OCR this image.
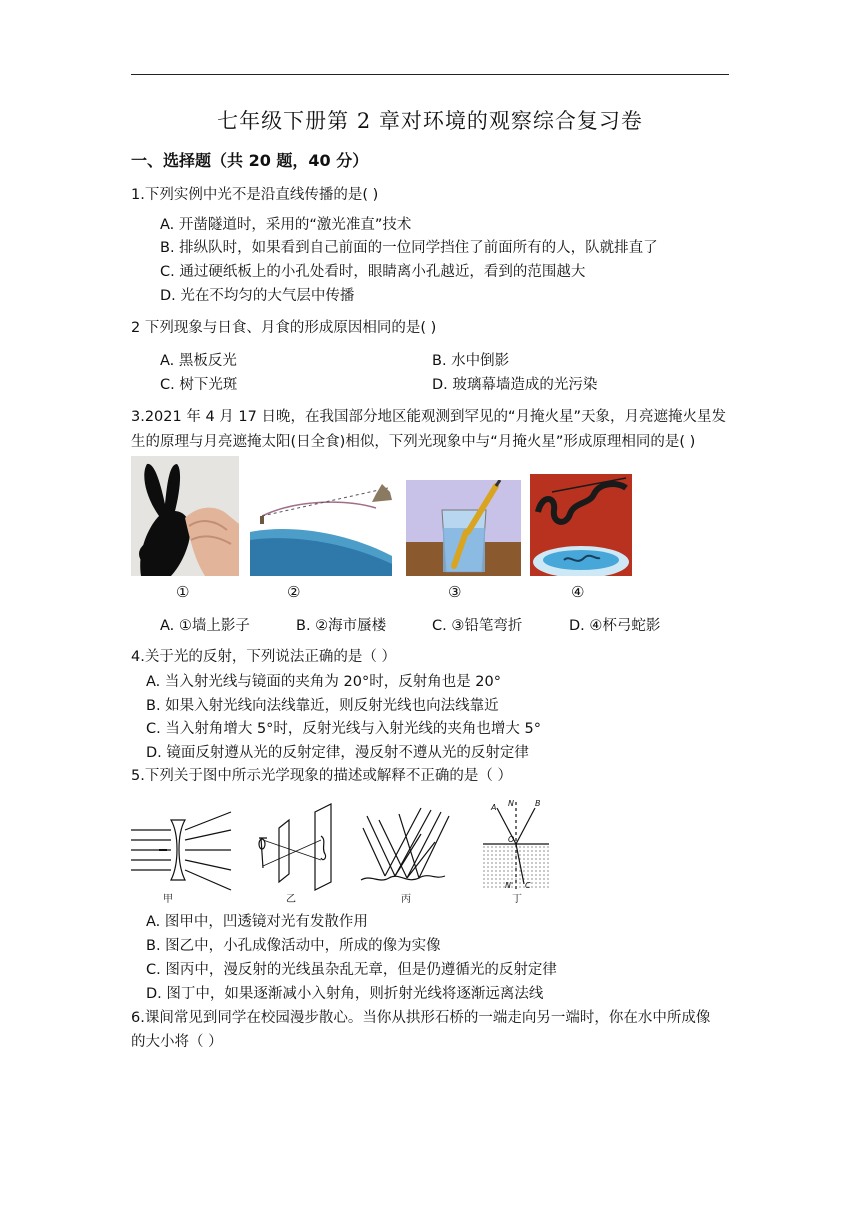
七年级下册第 2 章对环境的观察综合复习卷
一、选择题（共 20 题，40 分）
1.下列实例中光不是沿直线传播的是( )
A. 开凿隧道时，采用的“激光准直”技术
B. 排纵队时，如果看到自己前面的一位同学挡住了前面所有的人，队就排直了
C. 通过硬纸板上的小孔处看时，眼睛离小孔越近，看到的范围越大
D. 光在不均匀的大气层中传播
2 下列现象与日食、月食的形成原因相同的是( )
A. 黑板反光	B. 水中倒影
C. 树下光斑	D. 玻璃幕墙造成的光污染
3.2021 年 4 月 17 日晚，在我国部分地区能观测到罕见的“月掩火星”天象，月亮遮掩火星发
生的原理与月亮遮掩太阳(日全食)相似，下列光现象中与“月掩火星”形成原理相同的是( )
①	②	③	④
A. ①墙上影子	B. ②海市蜃楼	C. ③铅笔弯折	D. ④杯弓蛇影
4.关于光的反射，下列说法正确的是（ ）
A. 当入射光线与镜面的夹角为 20°时，反射角也是 20°
B. 如果入射光线向法线靠近，则反射光线也向法线靠近
C. 当入射角增大 5°时，反射光线与入射光线的夹角也增大 5°
D. 镜面反射遵从光的反射定律，漫反射不遵从光的反射定律
5.下列关于图中所示光学现象的描述或解释不正确的是（ ）
A	B
N
O
N' C
甲	乙	丙	丁
A. 图甲中，凹透镜对光有发散作用
B. 图乙中，小孔成像活动中，所成的像为实像
C. 图丙中，漫反射的光线虽杂乱无章，但是仍遵循光的反射定律
D. 图丁中，如果逐渐减小入射角，则折射光线将逐渐远离法线
6.课间常见到同学在校园漫步散心。当你从拱形石桥的一端走向另一端时，你在水中所成像
的大小将（ ）
